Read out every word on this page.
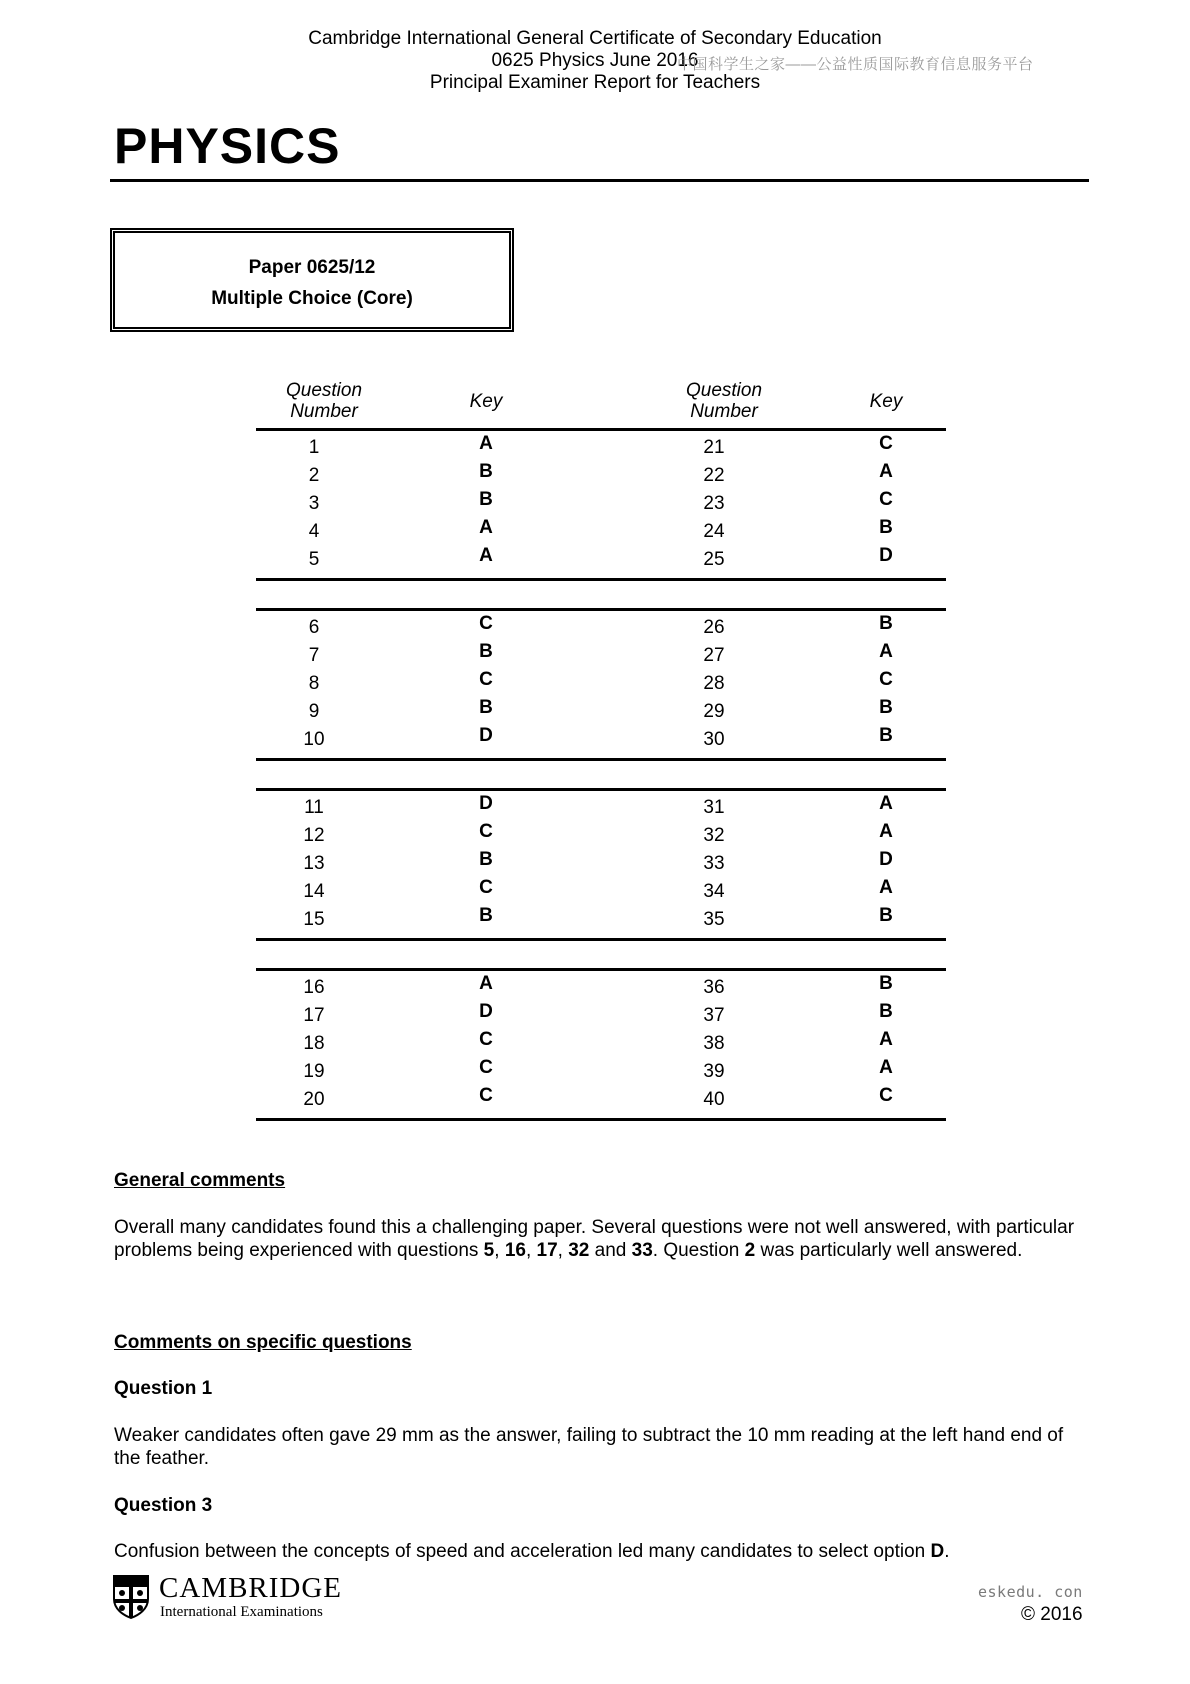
Cambridge International General Certificate of Secondary Education
0625 Physics June 2016
Principal Examiner Report for Teachers
中国科学生之家——公益性质国际教育信息服务平台
PHYSICS
Paper 0625/12
Multiple Choice (Core)
Question Number	Key
Question Number	Key
1	A	21	C
2	B	22	A
3	B	23	C
4	A	24	B
5	A	25	D
6	C	26	B
7	B	27	A
8	C	28	C
9	B	29	B
10	D	30	B
11	D	31	A
12	C	32	A
13	B	33	D
14	C	34	A
15	B	35	B
16	A	36	B
17	D	37	B
18	C	38	A
19	C	39	A
20	C	40	C
General comments
Overall many candidates found this a challenging paper. Several questions were not well answered, with particular problems being experienced with questions 5, 16, 17, 32 and 33. Question 2 was particularly well answered.
Comments on specific questions
Question 1
Weaker candidates often gave 29 mm as the answer, failing to subtract the 10 mm reading at the left hand end of the feather.
Question 3
Confusion between the concepts of speed and acceleration led many candidates to select option D.
CAMBRIDGE
International Examinations
eskedu. con
© 2016
